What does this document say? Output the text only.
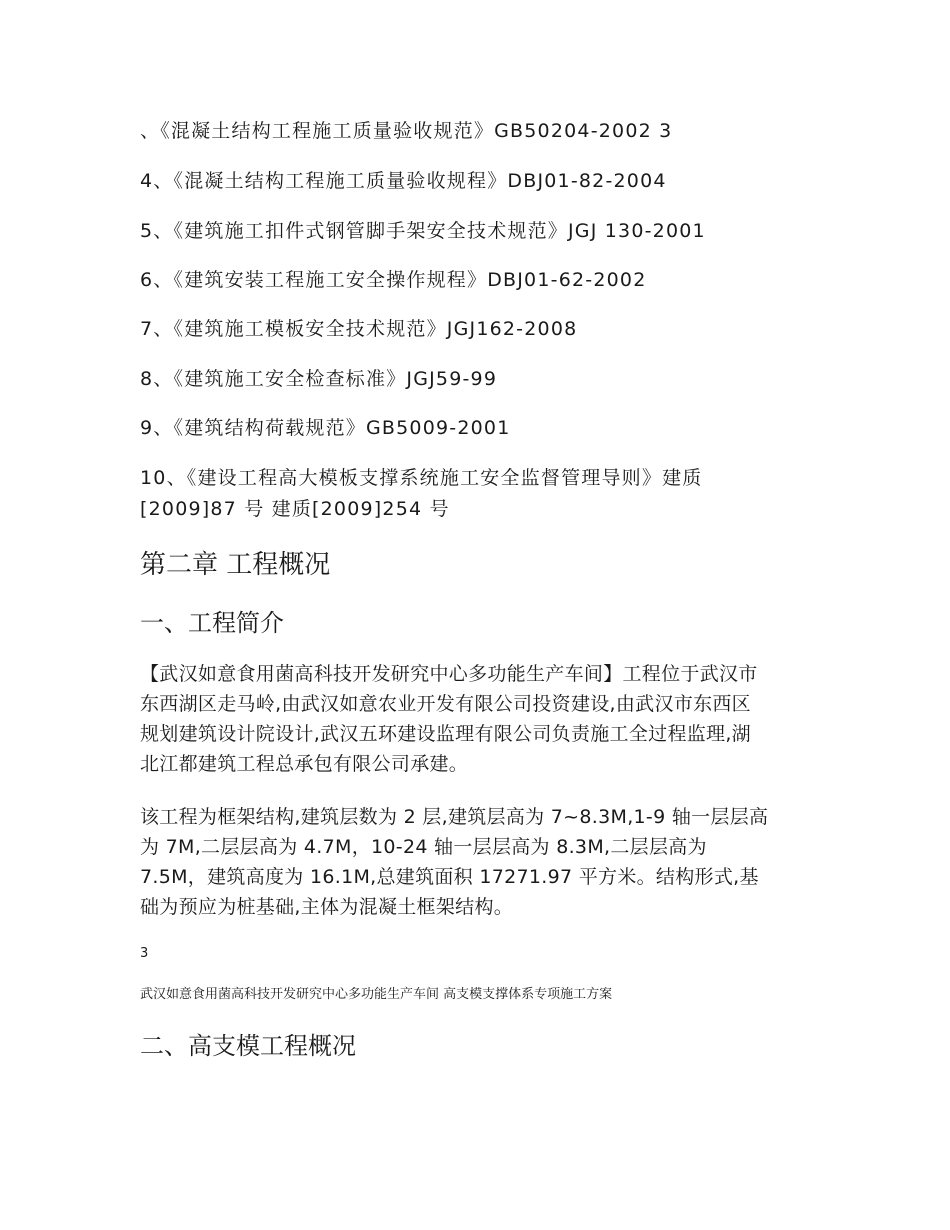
、《混凝土结构工程施工质量验收规范》GB50204-2002 3
4、《混凝土结构工程施工质量验收规程》DBJ01-82-2004
5、《建筑施工扣件式钢管脚手架安全技术规范》JGJ 130-2001
6、《建筑安装工程施工安全操作规程》DBJ01-62-2002
7、《建筑施工模板安全技术规范》JGJ162-2008
8、《建筑施工安全检查标准》JGJ59-99
9、《建筑结构荷载规范》GB5009-2001
10、《建设工程高大模板支撑系统施工安全监督管理导则》建质
[2009]87 号 建质[2009]254 号
第二章 工程概况
一、工程简介
【武汉如意食用菌高科技开发研究中心多功能生产车间】工程位于武汉市
东西湖区走马岭,由武汉如意农业开发有限公司投资建设,由武汉市东西区
规划建筑设计院设计,武汉五环建设监理有限公司负责施工全过程监理,湖
北江都建筑工程总承包有限公司承建。
该工程为框架结构,建筑层数为 2 层,建筑层高为 7~8.3M,1-9 轴一层层高
为 7M,二层层高为 4.7M，10-24 轴一层层高为 8.3M,二层层高为
7.5M，建筑高度为 16.1M,总建筑面积 17271.97 平方米。结构形式,基
础为预应为桩基础,主体为混凝土框架结构。
3
武汉如意食用菌高科技开发研究中心多功能生产车间 高支模支撑体系专项施工方案
二、高支模工程概况
